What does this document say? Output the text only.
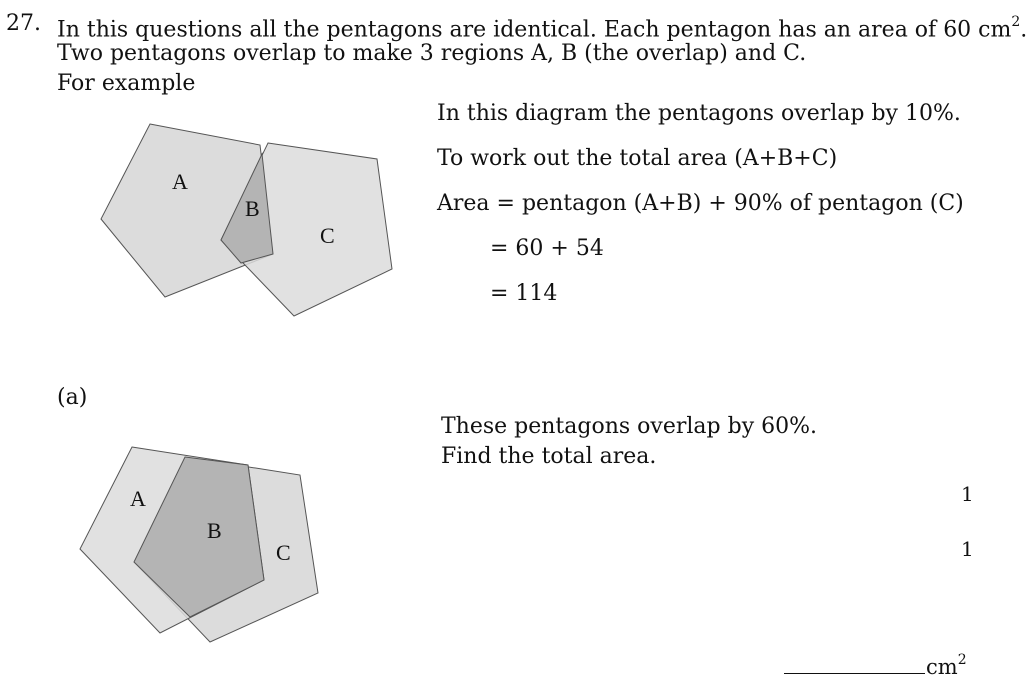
27. In this questions all the pentagons are identical. Each pentagon has an area of 60 $cm^2$.
Two pentagons overlap to make 3 regions A, B (the overlap) and C.
For example
A
B
C
In this diagram the pentagons overlap by 10%.
To work out the total area (A+B+C)
Area = pentagon (A+B) + 90% of pentagon (C)
= 60 + 54
= 114
(a)
A
B
C
These pentagons overlap by 60%.
Find the total area.
1
1
$cm^2$
